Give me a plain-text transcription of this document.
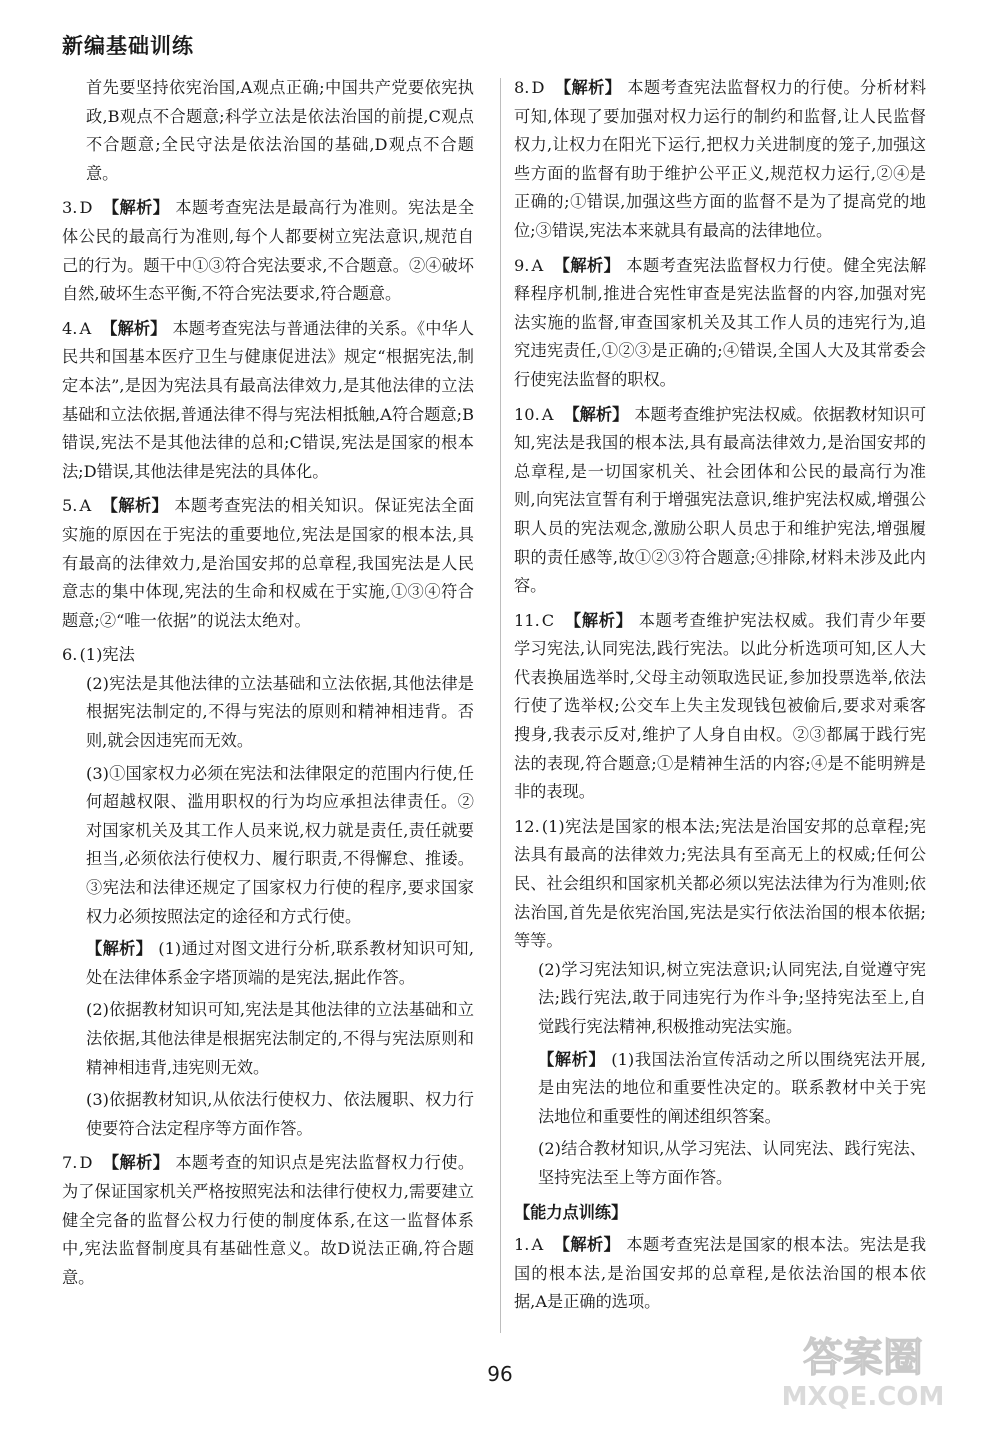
新编基础训练
首先要坚持依宪治国,A观点正确;中国共产党要依宪执政,B观点不合题意;科学立法是依法治国的前提,C观点不合题意;全民守法是依法治国的基础,D观点不合题意。
3. D 【解析】 本题考查宪法是最高行为准则。宪法是全体公民的最高行为准则,每个人都要树立宪法意识,规范自己的行为。题干中①③符合宪法要求,不合题意。②④破坏自然,破坏生态平衡,不符合宪法要求,符合题意。
4. A 【解析】 本题考查宪法与普通法律的关系。《中华人民共和国基本医疗卫生与健康促进法》规定“根据宪法,制定本法”,是因为宪法具有最高法律效力,是其他法律的立法基础和立法依据,普通法律不得与宪法相抵触,A符合题意;B错误,宪法不是其他法律的总和;C错误,宪法是国家的根本法;D错误,其他法律是宪法的具体化。
5. A 【解析】 本题考查宪法的相关知识。保证宪法全面实施的原因在于宪法的重要地位,宪法是国家的根本法,具有最高的法律效力,是治国安邦的总章程,我国宪法是人民意志的集中体现,宪法的生命和权威在于实施,①③④符合题意;②“唯一依据”的说法太绝对。
6. (1)宪法
(2)宪法是其他法律的立法基础和立法依据,其他法律是根据宪法制定的,不得与宪法的原则和精神相违背。否则,就会因违宪而无效。
(3)①国家权力必须在宪法和法律限定的范围内行使,任何超越权限、滥用职权的行为均应承担法律责任。②对国家机关及其工作人员来说,权力就是责任,责任就要担当,必须依法行使权力、履行职责,不得懈怠、推诿。③宪法和法律还规定了国家权力行使的程序,要求国家权力必须按照法定的途径和方式行使。
【解析】 (1)通过对图文进行分析,联系教材知识可知,处在法律体系金字塔顶端的是宪法,据此作答。
(2)依据教材知识可知,宪法是其他法律的立法基础和立法依据,其他法律是根据宪法制定的,不得与宪法原则和精神相违背,违宪则无效。
(3)依据教材知识,从依法行使权力、依法履职、权力行使要符合法定程序等方面作答。
7. D 【解析】 本题考查的知识点是宪法监督权力行使。为了保证国家机关严格按照宪法和法律行使权力,需要建立健全完备的监督公权力行使的制度体系,在这一监督体系中,宪法监督制度具有基础性意义。故D说法正确,符合题意。
8. D 【解析】 本题考查宪法监督权力的行使。分析材料可知,体现了要加强对权力运行的制约和监督,让人民监督权力,让权力在阳光下运行,把权力关进制度的笼子,加强这些方面的监督有助于维护公平正义,规范权力运行,②④是正确的;①错误,加强这些方面的监督不是为了提高党的地位;③错误,宪法本来就具有最高的法律地位。
9. A 【解析】 本题考查宪法监督权力行使。健全宪法解释程序机制,推进合宪性审查是宪法监督的内容,加强对宪法实施的监督,审查国家机关及其工作人员的违宪行为,追究违宪责任,①②③是正确的;④错误,全国人大及其常委会行使宪法监督的职权。
10. A 【解析】 本题考查维护宪法权威。依据教材知识可知,宪法是我国的根本法,具有最高法律效力,是治国安邦的总章程,是一切国家机关、社会团体和公民的最高行为准则,向宪法宣誓有利于增强宪法意识,维护宪法权威,增强公职人员的宪法观念,激励公职人员忠于和维护宪法,增强履职的责任感等,故①②③符合题意;④排除,材料未涉及此内容。
11. C 【解析】 本题考查维护宪法权威。我们青少年要学习宪法,认同宪法,践行宪法。以此分析选项可知,区人大代表换届选举时,父母主动领取选民证,参加投票选举,依法行使了选举权;公交车上失主发现钱包被偷后,要求对乘客搜身,我表示反对,维护了人身自由权。②③都属于践行宪法的表现,符合题意;①是精神生活的内容;④是不能明辨是非的表现。
12. (1)宪法是国家的根本法;宪法是治国安邦的总章程;宪法具有最高的法律效力;宪法具有至高无上的权威;任何公民、社会组织和国家机关都必须以宪法法律为行为准则;依法治国,首先是依宪治国,宪法是实行依法治国的根本依据;等等。
(2)学习宪法知识,树立宪法意识;认同宪法,自觉遵守宪法;践行宪法,敢于同违宪行为作斗争;坚持宪法至上,自觉践行宪法精神,积极推动宪法实施。
【解析】 (1)我国法治宣传活动之所以围绕宪法开展,是由宪法的地位和重要性决定的。联系教材中关于宪法地位和重要性的阐述组织答案。
(2)结合教材知识,从学习宪法、认同宪法、践行宪法、坚持宪法至上等方面作答。
【能力点训练】
1. A 【解析】 本题考查宪法是国家的根本法。宪法是我国的根本法,是治国安邦的总章程,是依法治国的根本依据,A是正确的选项。
96	答案圈
MXQE.COM
